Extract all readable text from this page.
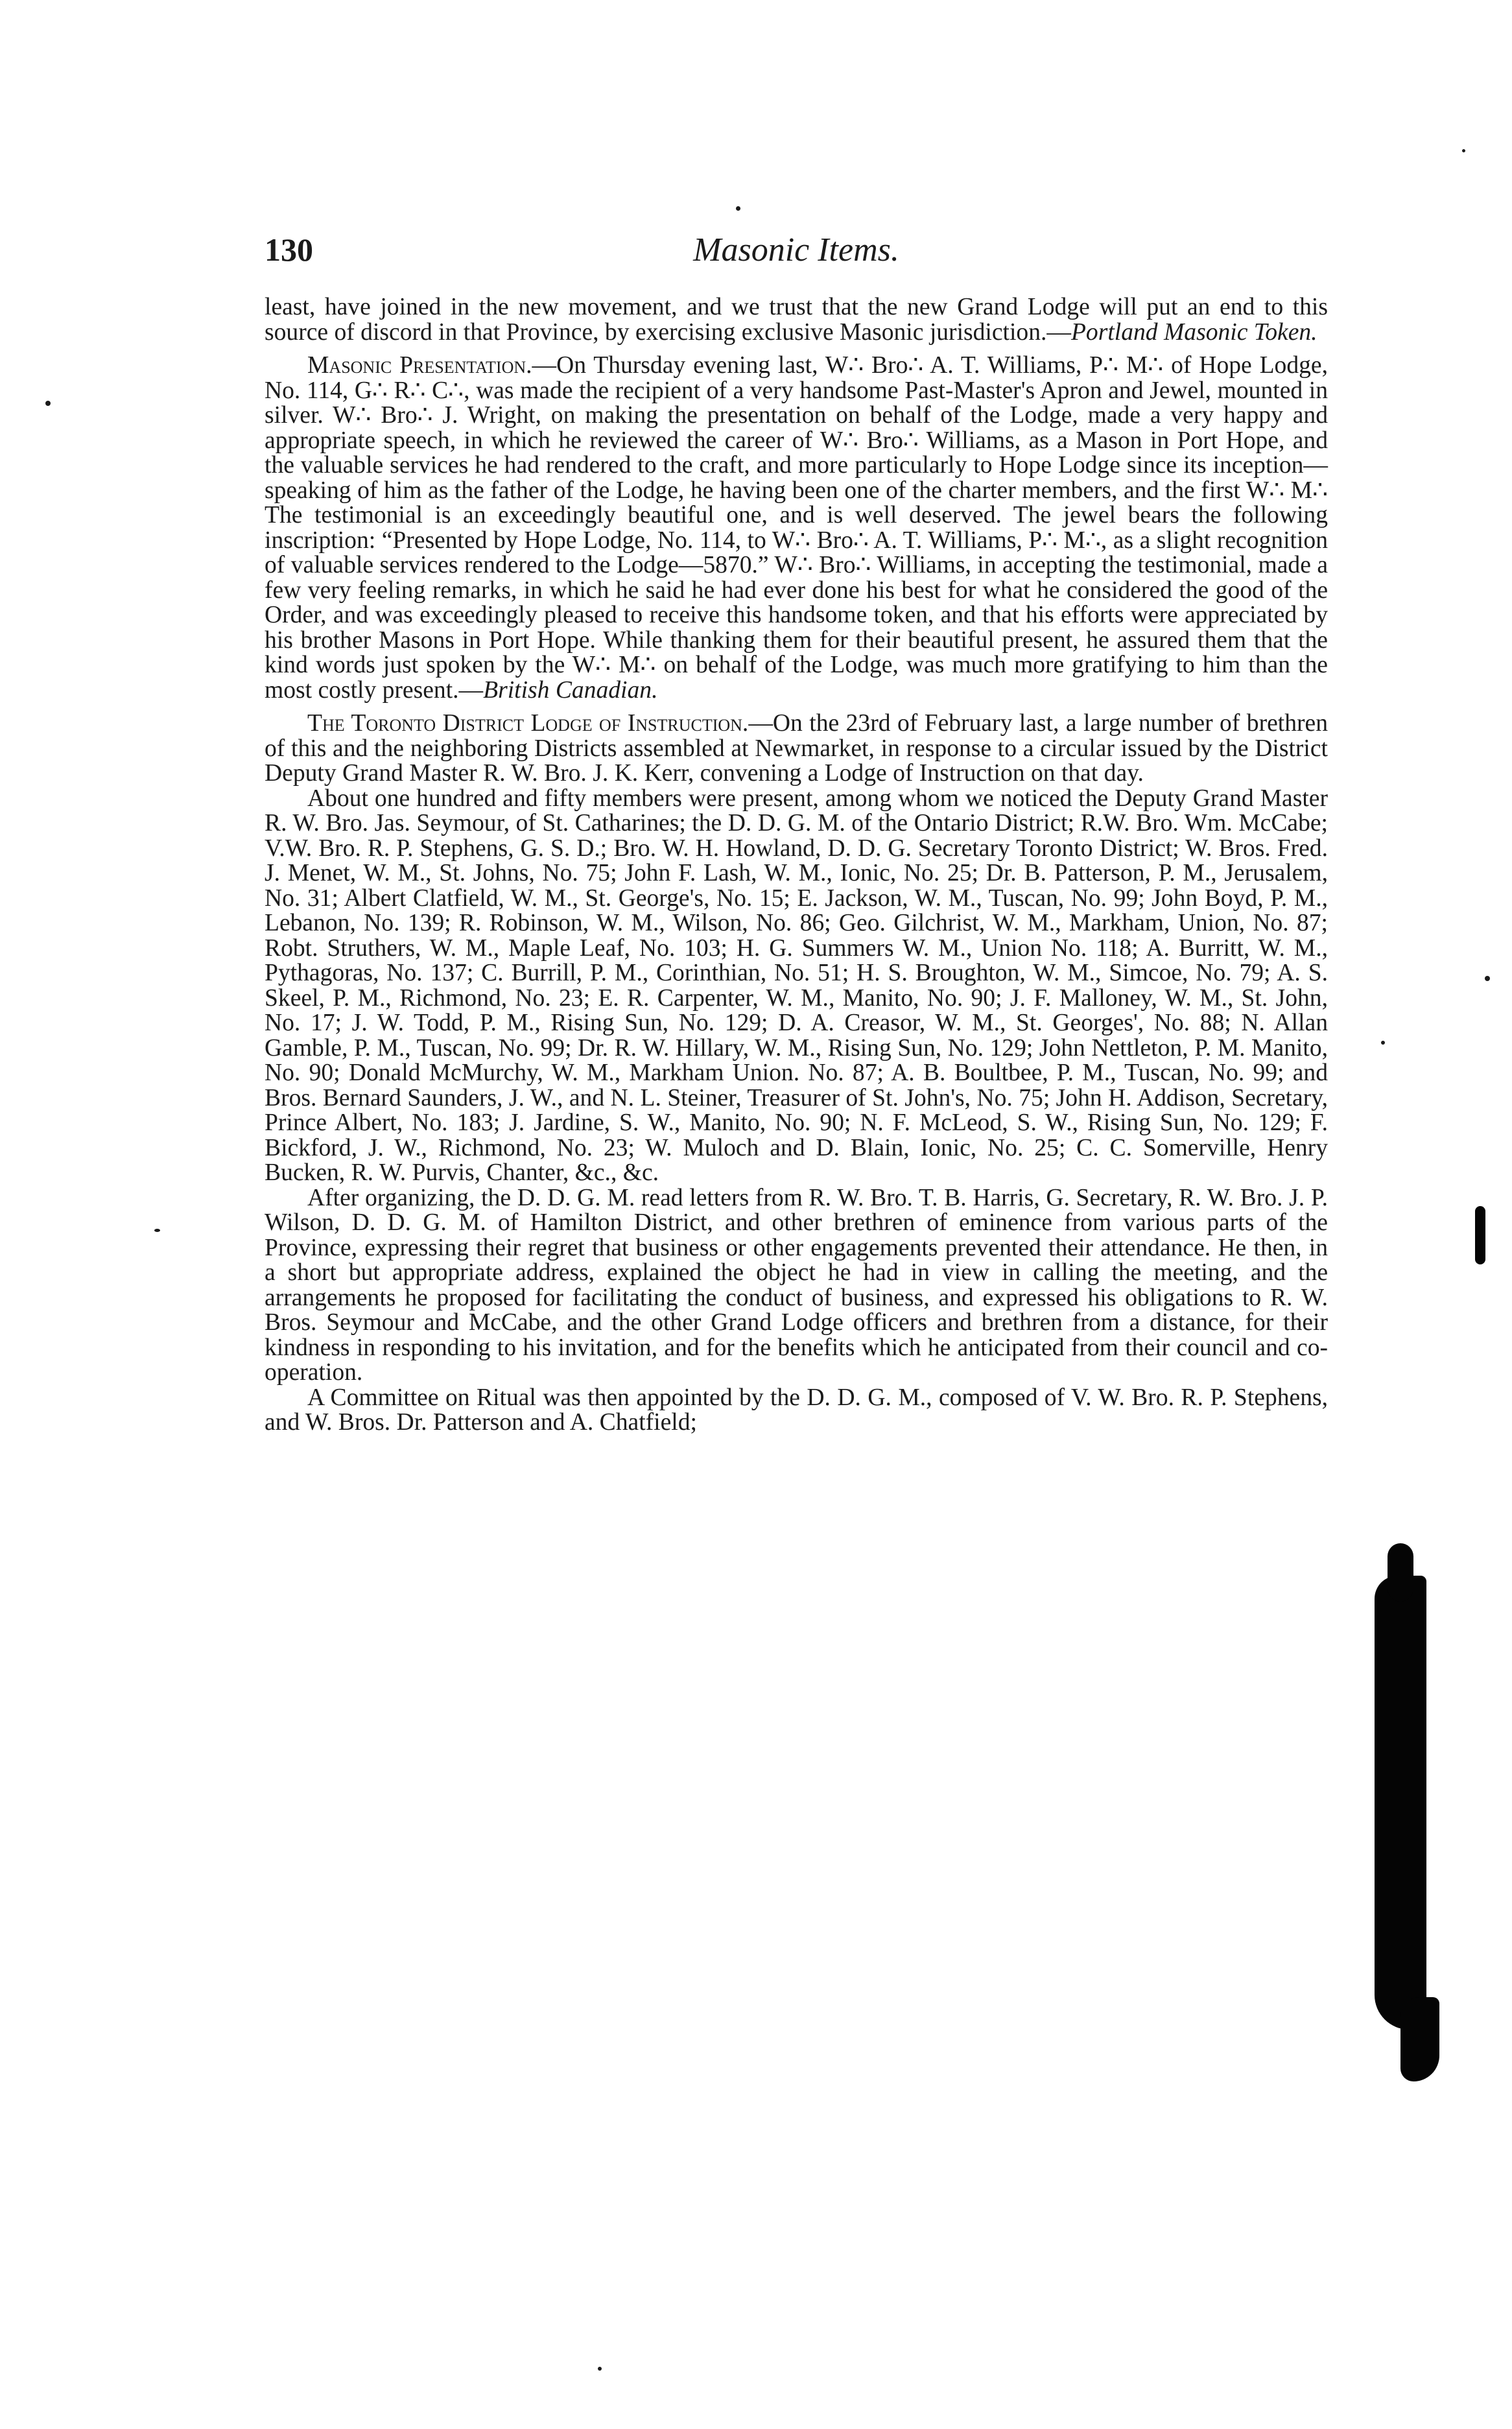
130	Masonic Items.

least, have joined in the new movement, and we trust that the new Grand Lodge will put an end to this source of discord in that Province, by exercising exclusive Masonic jurisdiction.—Portland Masonic Token.

Masonic Presentation.—On Thursday evening last, W∴ Bro∴ A. T. Williams, P∴ M∴ of Hope Lodge, No. 114, G∴ R∴ C∴, was made the recipient of a very handsome Past-Master's Apron and Jewel, mounted in silver. W∴ Bro∴ J. Wright, on making the presentation on behalf of the Lodge, made a very happy and appropriate speech, in which he reviewed the career of W∴ Bro∴ Williams, as a Mason in Port Hope, and the valuable services he had rendered to the craft, and more particularly to Hope Lodge since its inception—speaking of him as the father of the Lodge, he having been one of the charter members, and the first W∴ M∴ The testimonial is an exceedingly beautiful one, and is well deserved. The jewel bears the following inscription: “Presented by Hope Lodge, No. 114, to W∴ Bro∴ A. T. Williams, P∴ M∴, as a slight recognition of valuable services rendered to the Lodge—5870.” W∴ Bro∴ Williams, in accepting the testimonial, made a few very feeling remarks, in which he said he had ever done his best for what he considered the good of the Order, and was exceedingly pleased to receive this handsome token, and that his efforts were appreciated by his brother Masons in Port Hope. While thanking them for their beautiful present, he assured them that the kind words just spoken by the W∴ M∴ on behalf of the Lodge, was much more gratifying to him than the most costly present.—British Canadian.

The Toronto District Lodge of Instruction.—On the 23rd of February last, a large number of brethren of this and the neighboring Districts assembled at Newmarket, in response to a circular issued by the District Deputy Grand Master R. W. Bro. J. K. Kerr, convening a Lodge of Instruction on that day.

About one hundred and fifty members were present, among whom we noticed the Deputy Grand Master R. W. Bro. Jas. Seymour, of St. Catharines; the D. D. G. M. of the Ontario District; R.W. Bro. Wm. McCabe; V.W. Bro. R. P. Stephens, G. S. D.; Bro. W. H. Howland, D. D. G. Secretary Toronto District; W. Bros. Fred. J. Menet, W. M., St. Johns, No. 75; John F. Lash, W. M., Ionic, No. 25; Dr. B. Patterson, P. M., Jerusalem, No. 31; Albert Clatfield, W. M., St. George's, No. 15; E. Jackson, W. M., Tuscan, No. 99; John Boyd, P. M., Lebanon, No. 139; R. Robinson, W. M., Wilson, No. 86; Geo. Gilchrist, W. M., Markham, Union, No. 87; Robt. Struthers, W. M., Maple Leaf, No. 103; H. G. Summers W. M., Union No. 118; A. Burritt, W. M., Pythagoras, No. 137; C. Burrill, P. M., Corinthian, No. 51; H. S. Broughton, W. M., Simcoe, No. 79; A. S. Skeel, P. M., Richmond, No. 23; E. R. Carpenter, W. M., Manito, No. 90; J. F. Malloney, W. M., St. John, No. 17; J. W. Todd, P. M., Rising Sun, No. 129; D. A. Creasor, W. M., St. Georges', No. 88; N. Allan Gamble, P. M., Tuscan, No. 99; Dr. R. W. Hillary, W. M., Rising Sun, No. 129; John Nettleton, P. M. Manito, No. 90; Donald McMurchy, W. M., Markham Union. No. 87; A. B. Boultbee, P. M., Tuscan, No. 99; and Bros. Bernard Saunders, J. W., and N. L. Steiner, Treasurer of St. John's, No. 75; John H. Addison, Secretary, Prince Albert, No. 183; J. Jardine, S. W., Manito, No. 90; N. F. McLeod, S. W., Rising Sun, No. 129; F. Bickford, J. W., Richmond, No. 23; W. Muloch and D. Blain, Ionic, No. 25; C. C. Somerville, Henry Bucken, R. W. Purvis, Chanter, &c., &c.

After organizing, the D. D. G. M. read letters from R. W. Bro. T. B. Harris, G. Secretary, R. W. Bro. J. P. Wilson, D. D. G. M. of Hamilton District, and other brethren of eminence from various parts of the Province, expressing their regret that business or other engagements prevented their attendance. He then, in a short but appropriate address, explained the object he had in view in calling the meeting, and the arrangements he proposed for facilitating the conduct of business, and expressed his obligations to R. W. Bros. Seymour and McCabe, and the other Grand Lodge officers and brethren from a distance, for their kindness in responding to his invitation, and for the benefits which he anticipated from their council and co-operation.

A Committee on Ritual was then appointed by the D. D. G. M., composed of V. W. Bro. R. P. Stephens, and W. Bros. Dr. Patterson and A. Chatfield;
